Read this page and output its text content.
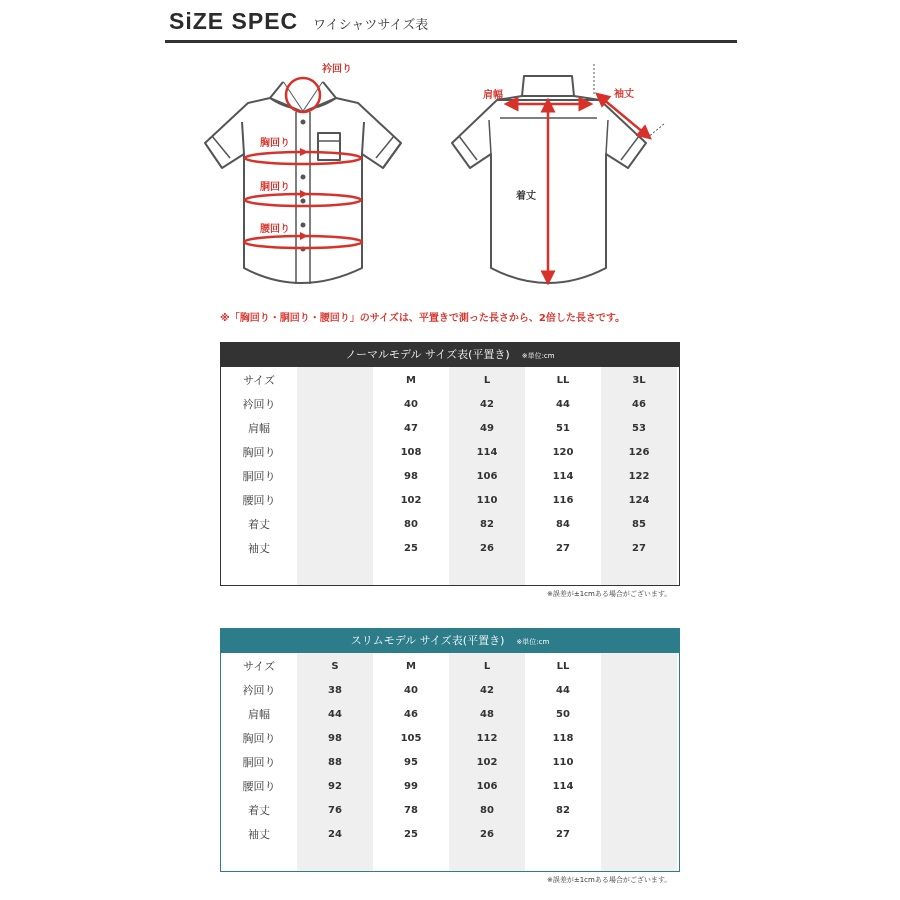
SiZE SPEC ワイシャツサイズ表
衿回り
胸回り
胴回り
腰回り
肩幅	袖丈
着丈
※「胸回り・胴回り・腰回り」のサイズは、平置きで測った長さから、2倍した長さです。
ノーマルモデル サイズ表(平置き) ※単位:cm
サイズ	M	L	LL	3L
衿回り	40	42	44	46
肩幅	47	49	51	53
胸回り	108	114	120	126
胴回り	98	106	114	122
腰回り	102	110	116	124
着丈	80	82	84	85
袖丈	25	26	27	27
※誤差が±1cmある場合がございます。
スリムモデル サイズ表(平置き) ※単位:cm
サイズ	S	M	L	LL
衿回り	38	40	42	44
肩幅	44	46	48	50
胸回り	98	105	112	118
胴回り	88	95	102	110
腰回り	92	99	106	114
着丈	76	78	80	82
袖丈	24	25	26	27
※誤差が±1cmある場合がございます。
